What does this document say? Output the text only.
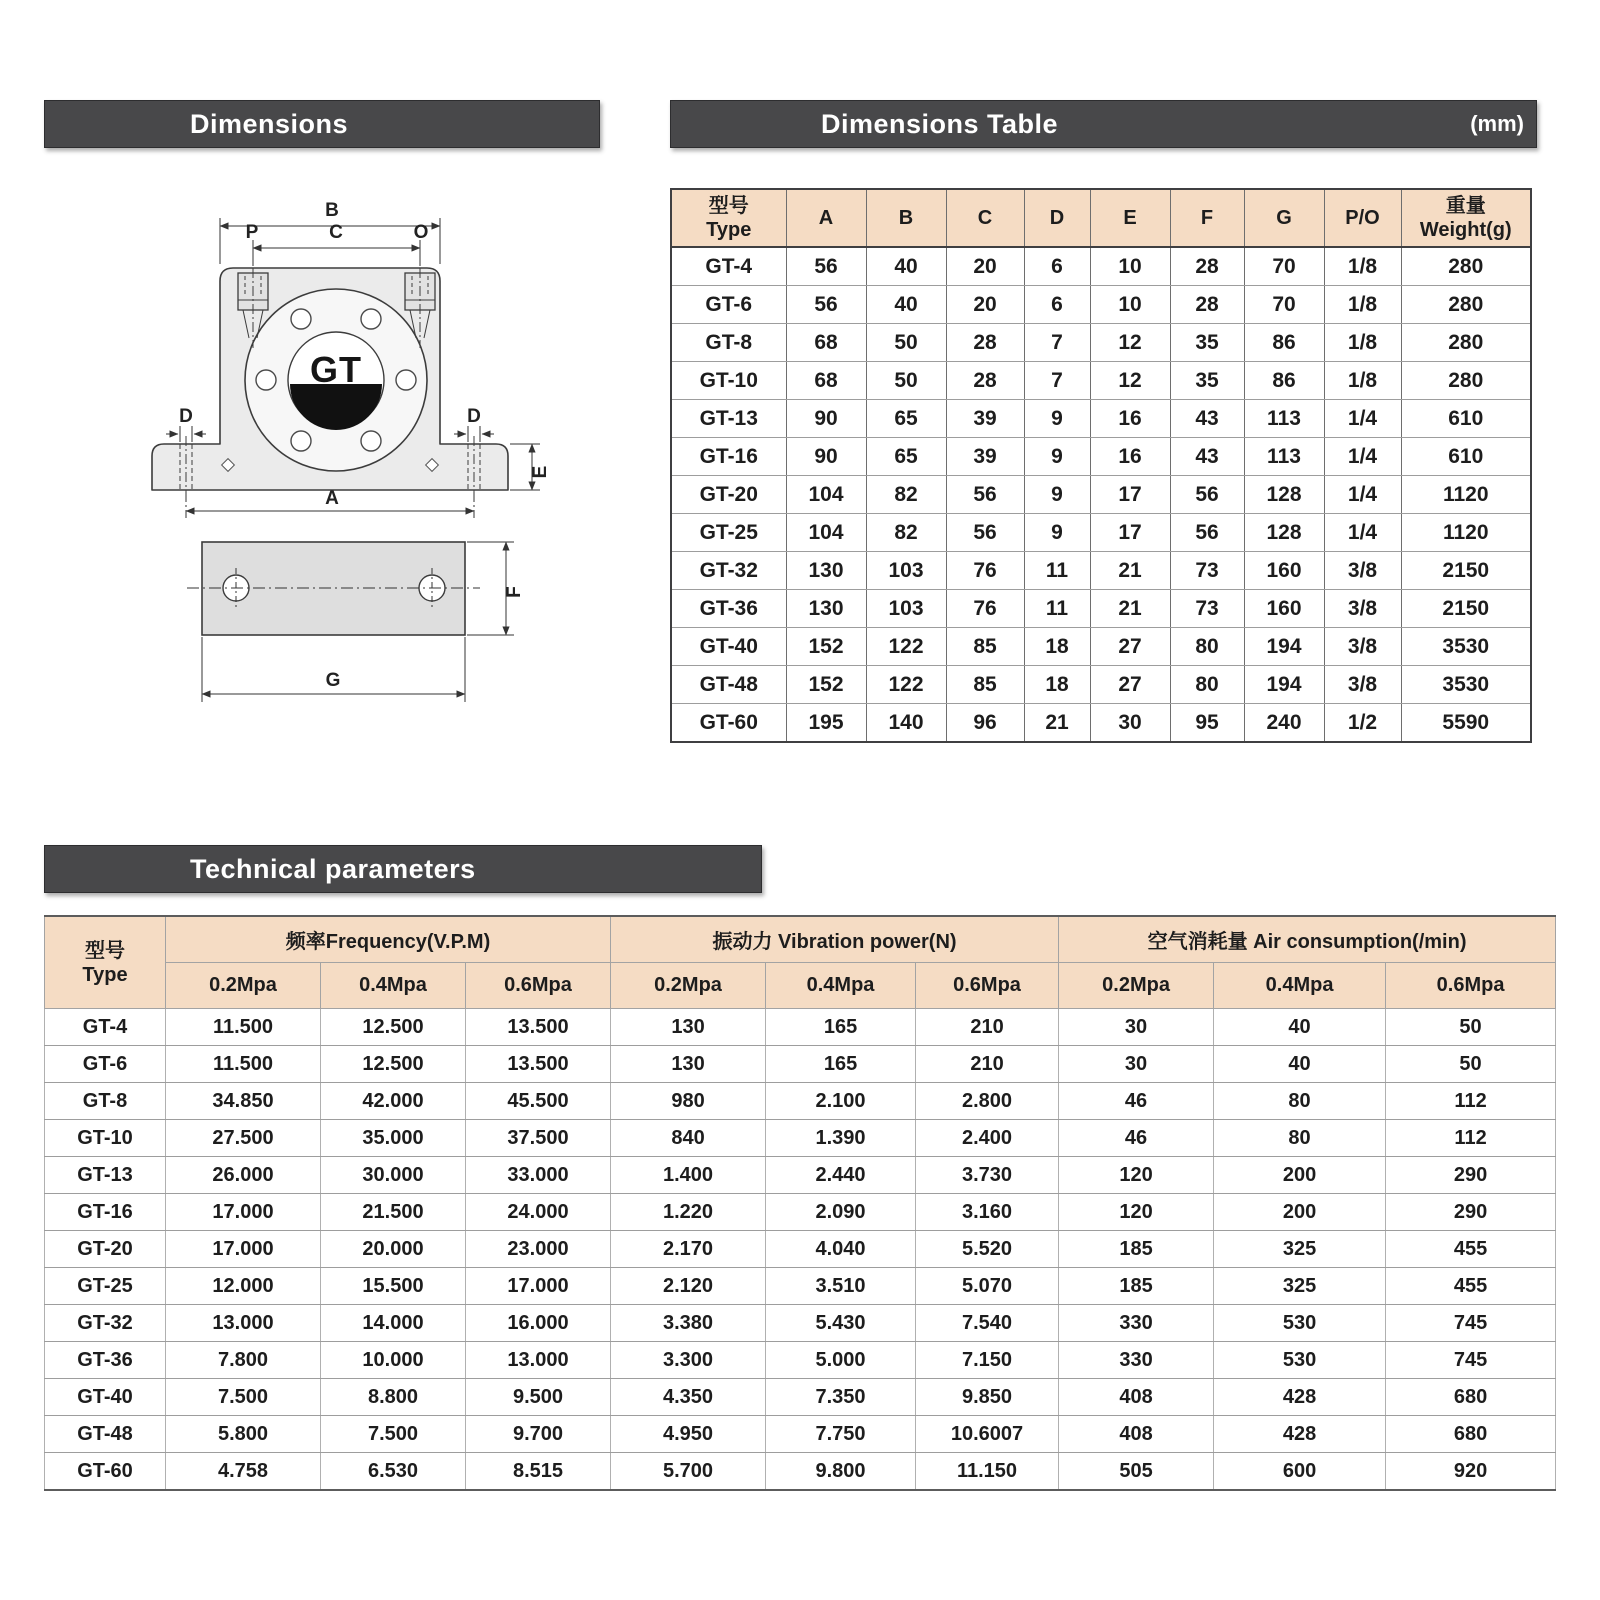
Dimensions	Dimensions Table	(mm)
Technical parameters
GT
B
P	C	O
D	D
E
A
F
G
型号
Type	A	B	C	D	E	F	G	P/O	重量
Weight(g)

GT-4	56	40	20	6	10	28	70	1/8	280
GT-6	56	40	20	6	10	28	70	1/8	280
GT-8	68	50	28	7	12	35	86	1/8	280
GT-10	68	50	28	7	12	35	86	1/8	280
GT-13	90	65	39	9	16	43	113	1/4	610
GT-16	90	65	39	9	16	43	113	1/4	610
GT-20	104	82	56	9	17	56	128	1/4	1120
GT-25	104	82	56	9	17	56	128	1/4	1120
GT-32	130	103	76	11	21	73	160	3/8	2150
GT-36	130	103	76	11	21	73	160	3/8	2150
GT-40	152	122	85	18	27	80	194	3/8	3530
GT-48	152	122	85	18	27	80	194	3/8	3530
GT-60	195	140	96	21	30	95	240	1/2	5590
型号
Type	频率Frequency(V.P.M)			振动力 Vibration power(N)			空气消耗量 Air consumption(/min)		
	0.2Mpa	0.4Mpa	0.6Mpa	0.2Mpa	0.4Mpa	0.6Mpa	0.2Mpa	0.4Mpa	0.6Mpa
GT-4	11.500	12.500	13.500	130	165	210	30	40	50
GT-6	11.500	12.500	13.500	130	165	210	30	40	50
GT-8	34.850	42.000	45.500	980	2.100	2.800	46	80	112
GT-10	27.500	35.000	37.500	840	1.390	2.400	46	80	112
GT-13	26.000	30.000	33.000	1.400	2.440	3.730	120	200	290
GT-16	17.000	21.500	24.000	1.220	2.090	3.160	120	200	290
GT-20	17.000	20.000	23.000	2.170	4.040	5.520	185	325	455
GT-25	12.000	15.500	17.000	2.120	3.510	5.070	185	325	455
GT-32	13.000	14.000	16.000	3.380	5.430	7.540	330	530	745
GT-36	7.800	10.000	13.000	3.300	5.000	7.150	330	530	745
GT-40	7.500	8.800	9.500	4.350	7.350	9.850	408	428	680
GT-48	5.800	7.500	9.700	4.950	7.750	10.6007	408	428	680
GT-60	4.758	6.530	8.515	5.700	9.800	11.150	505	600	920
